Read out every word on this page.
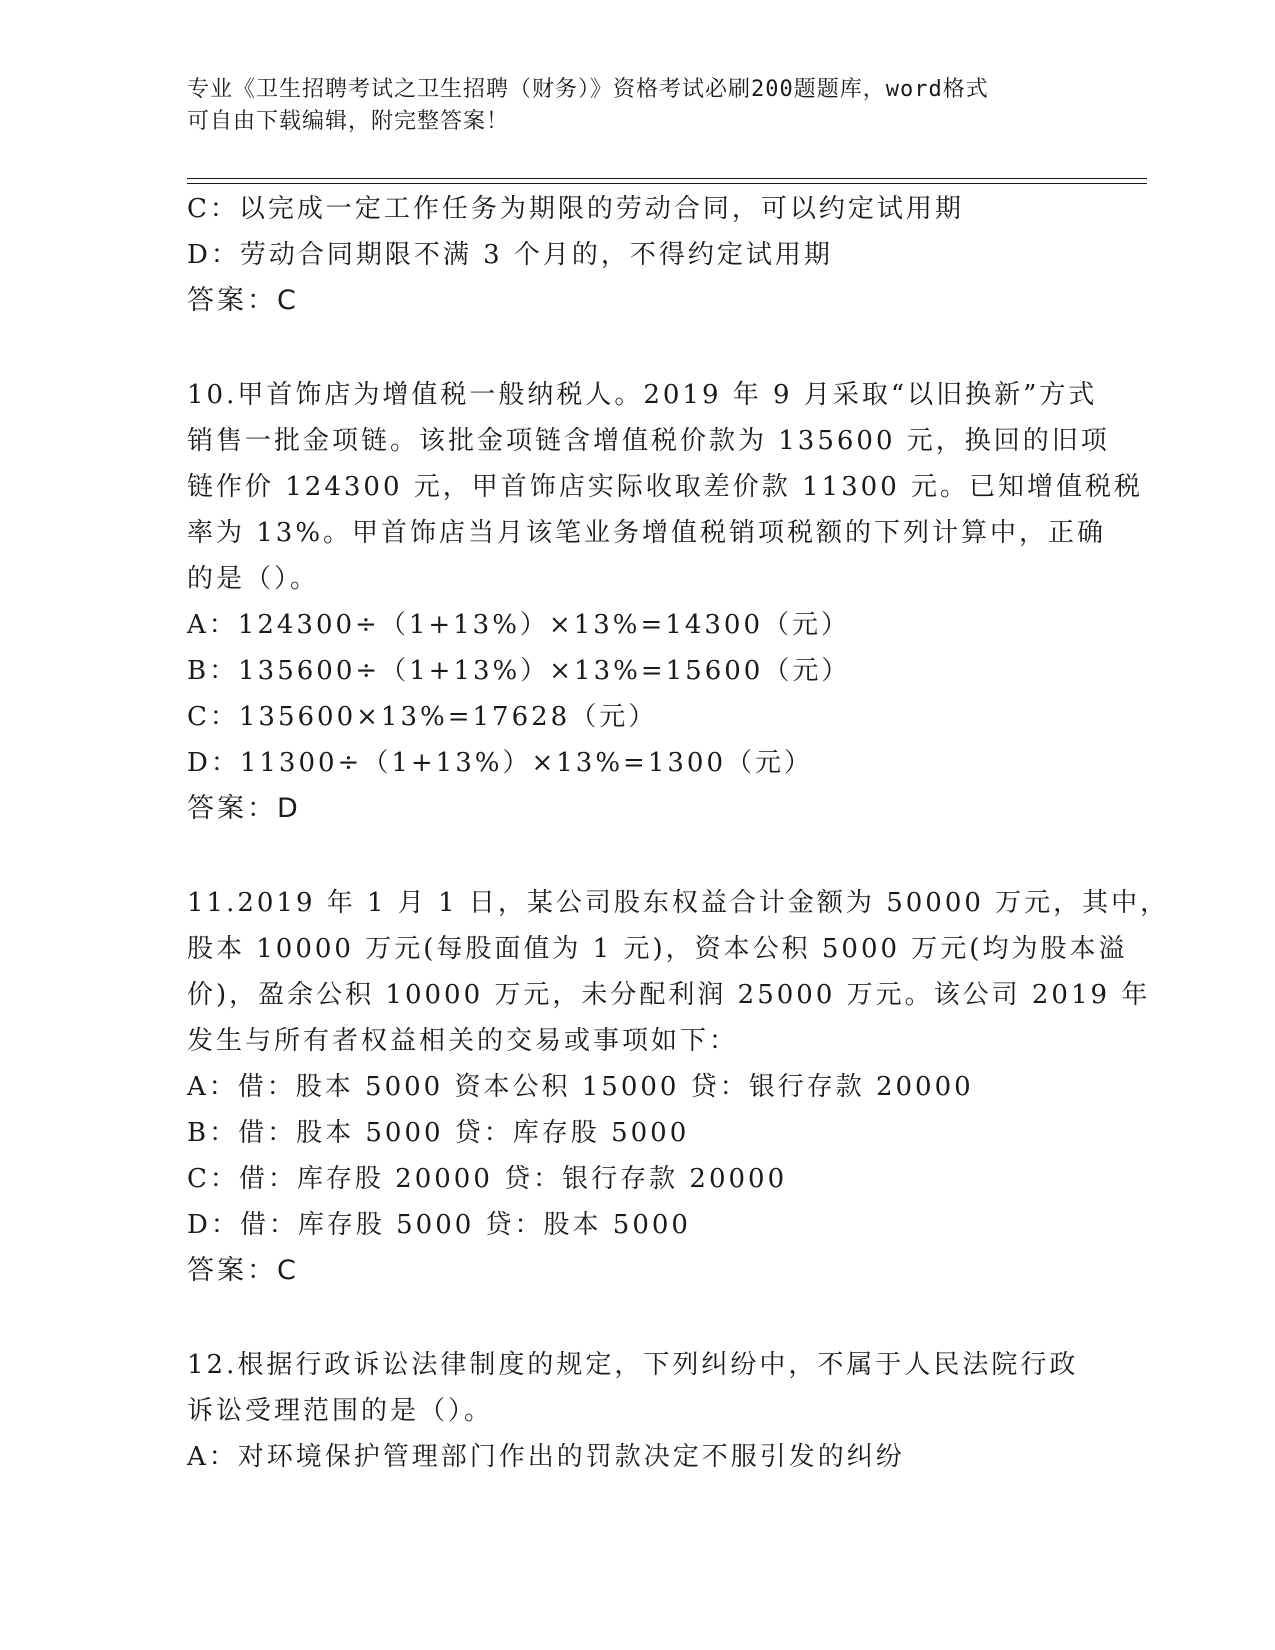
专业《卫生招聘考试之卫生招聘（财务）》资格考试必刷200题题库，word格式
可自由下载编辑，附完整答案！
C：以完成一定工作任务为期限的劳动合同，可以约定试用期
D：劳动合同期限不满 3 个月的，不得约定试用期
答案：C
10.甲首饰店为增值税一般纳税人。2019 年 9 月采取“以旧换新”方式
销售一批金项链。该批金项链含增值税价款为 135600 元，换回的旧项
链作价 124300 元，甲首饰店实际收取差价款 11300 元。已知增值税税
率为 13%。甲首饰店当月该笔业务增值税销项税额的下列计算中，正确
的是（）。
A：124300÷（1+13%）×13%=14300（元）
B：135600÷（1+13%）×13%=15600（元）
C：135600×13%=17628（元）
D：11300÷（1+13%）×13%=1300（元）
答案：D
11.2019 年 1 月 1 日，某公司股东权益合计金额为 50000 万元，其中，
股本 10000 万元(每股面值为 1 元)，资本公积 5000 万元(均为股本溢
价)，盈余公积 10000 万元，未分配利润 25000 万元。该公司 2019 年
发生与所有者权益相关的交易或事项如下：
A：借：股本 5000 资本公积 15000 贷：银行存款 20000
B：借：股本 5000 贷：库存股 5000
C：借：库存股 20000 贷：银行存款 20000
D：借：库存股 5000 贷：股本 5000
答案：C
12.根据行政诉讼法律制度的规定，下列纠纷中，不属于人民法院行政
诉讼受理范围的是（）。
A：对环境保护管理部门作出的罚款决定不服引发的纠纷
